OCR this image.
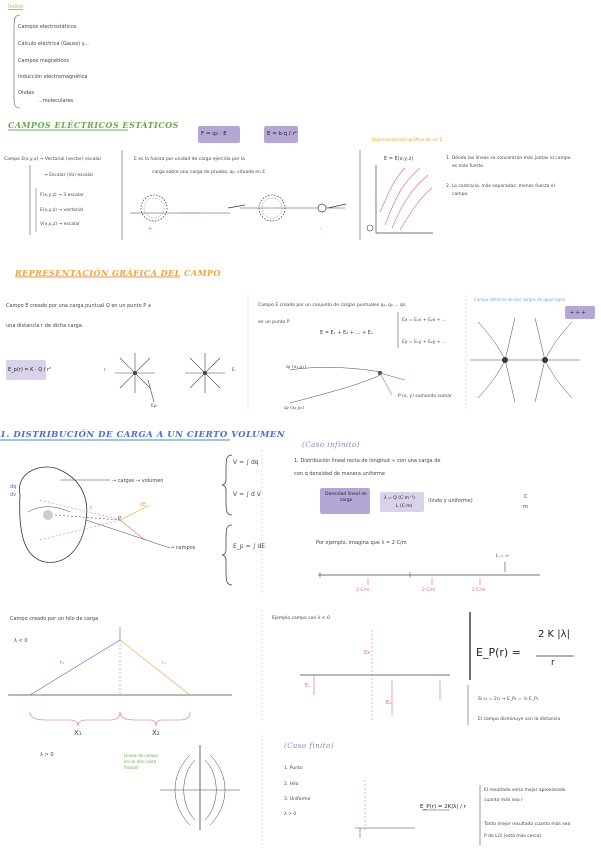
Índice
Campos electrostáticos
Cálculo eléctrica (Gauss) y...
Campos magnéticos
Inducción electromagnética
Ondas
...moleculares
CAMPOS ELÉCTRICOS ESTÁTICOS
F = q₀ · E	E = k·q / r²
Campo E(x,y,z) → Vectorial (vector) escalar
→ Escalar (Vo) escalar
F(x,y,z) → 3 escalar
E(x,y,z) → vectorial
V(x,y,z) → escalar
E es la fuerza por unidad de carga ejercida por la
carga sobre una carga de prueba, q₀, situada en E
+	-
Representación gráfica de un E
E = E(x,y,z)	1. Dónde las líneas se concentran más juntas el campo
es más fuerte.
2. Lo contrario, más separadas: menos fuerza el
campo.
REPRESENTACIÓN GRÁFICA DEL CAMPO
Campo E creado por una carga puntual Q en un punto P a
una distancia r de dicha carga.
E_p(r) = K · Q / r²
Campo E creado por un conjunto de cargas puntuales q₁, q₂ ... qn
en un punto P
E = E₁ + E₂ + ... + Eₙ
Ex = E₁x + E₂x + ...
Ey = E₁y + E₂y + ...
q₁ (x₁,y₁)
q₂ (x₂,y₂)
P (x, y) sumando sumar
Campo eléctrico de dos cargas de igual signo
+ + +
r	E
Ep
1. DISTRIBUCIÓN DE CARGA A UN CIERTO VOLUMEN
dq
dv
→ cargas → volumen
V = ∫ dq
V = ∫ d V
→ campos	E_p = ∫ dE
P
dE
r
(Caso infinito)
1. Distribución lineal recta de longitud ∞ con una carga de
con q densidad de manera uniforme
Densidad lineal de carga	λ = Q (C·m⁻¹)
L (C·m)
(lindo y uniforme)
C
m
Por ejemplo, imagina que λ = 2 C/m
L = ∞
2 C/m	2 C/m	2 C/m
Campo creado por un hilo de carga
λ < 0
r₁	r₂
X₁	X₂
Ejemplo campo con λ < 0
E₁
E₂
Ex	E_P(r) =
2 K |λ|
r
Si r₂ = 2r₁ → E_P₂ = ½ E_P₁
El campo disminuye con la distancia
λ > 0	Líneas de campo en un hilo (vista frontal)
(Caso finito)
1. Punto
2. Hilo
3. Uniforme
λ > 0
E_P(r) = 2K|λ| / r
El resultado sería mejor aproximado
cuanto más sea r
Tanto mejor resultado cuanto más sea
P de L/2 (está más cerca)
